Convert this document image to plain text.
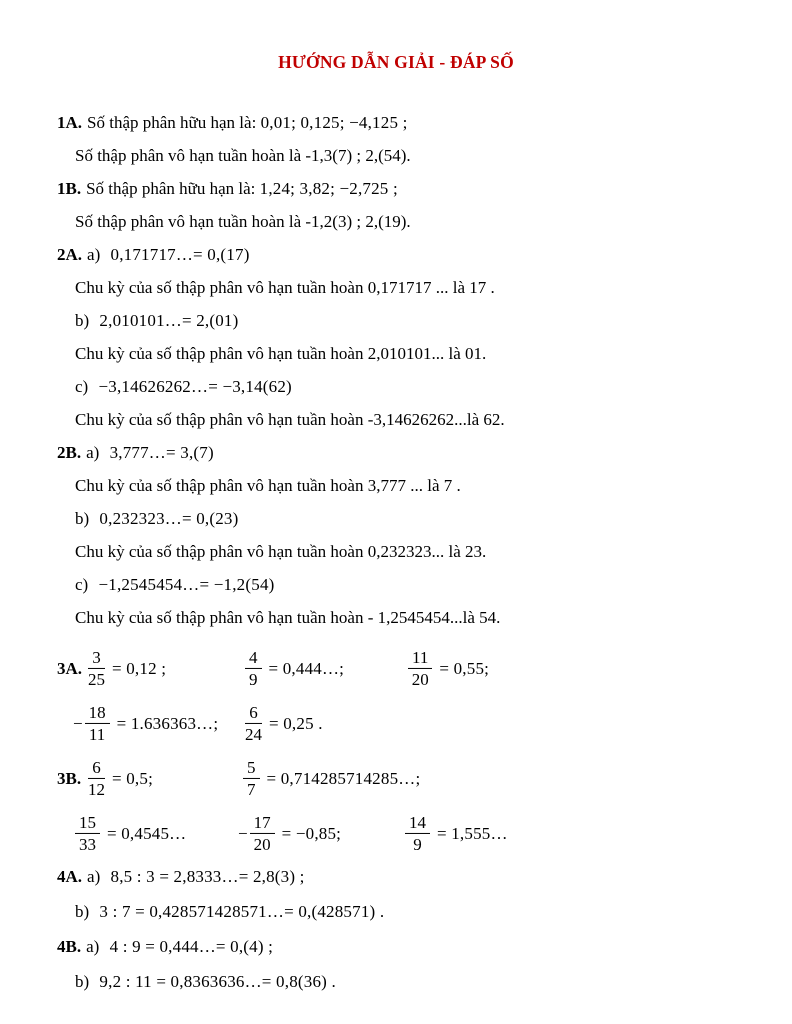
HƯỚNG DẪN GIẢI - ĐÁP SỐ
1A. Số thập phân hữu hạn là: 0,01; 0,125; −4,125 ;
Số thập phân vô hạn tuần hoàn là -1,3(7) ; 2,(54).
1B. Số thập phân hữu hạn là: 1,24; 3,82; −2,725 ;
Số thập phân vô hạn tuần hoàn là -1,2(3) ; 2,(19).
2A. a) 0,171717…= 0,(17)
Chu kỳ của số thập phân vô hạn tuần hoàn 0,171717 ... là 17 .
b) 2,010101…= 2,(01)
Chu kỳ của số thập phân vô hạn tuần hoàn 2,010101... là 01.
c) −3,14626262…= −3,14(62)
Chu kỳ của số thập phân vô hạn tuần hoàn -3,14626262...là 62.
2B. a) 3,777…= 3,(7)
Chu kỳ của số thập phân vô hạn tuần hoàn 3,777 ... là 7 .
b) 0,232323…= 0,(23)
Chu kỳ của số thập phân vô hạn tuần hoàn 0,232323... là 23.
c) −1,2545454…= −1,2(54)
Chu kỳ của số thập phân vô hạn tuần hoàn - 1,2545454...là 54.
3A. $\frac{3}{25} = 0,12$ ;	$\frac{4}{9}$ = 0,444…;	$\frac{11}{20} = 0,55$;
− $\frac{18}{11}$ = 1.636363…; $\frac{6}{24} = 0,25$ .
3B. $\frac{6}{12} = 0,5$;	$\frac{5}{7}$ = 0,714285714285…;
$\frac{15}{33}$ = 0,4545…	− $\frac{17}{20} = -0,85$;	$\frac{14}{9}$ = 1,555…
4A. a) 8,5 : 3 = 2,8333…= 2,8(3) ;
b) 3 : 7 = 0,428571428571…= 0,(428571) .
4B. a) 4 : 9 = 0,444…= 0,(4) ;
b) 9,2 : 11 = 0,8363636…= 0,8(36) .
